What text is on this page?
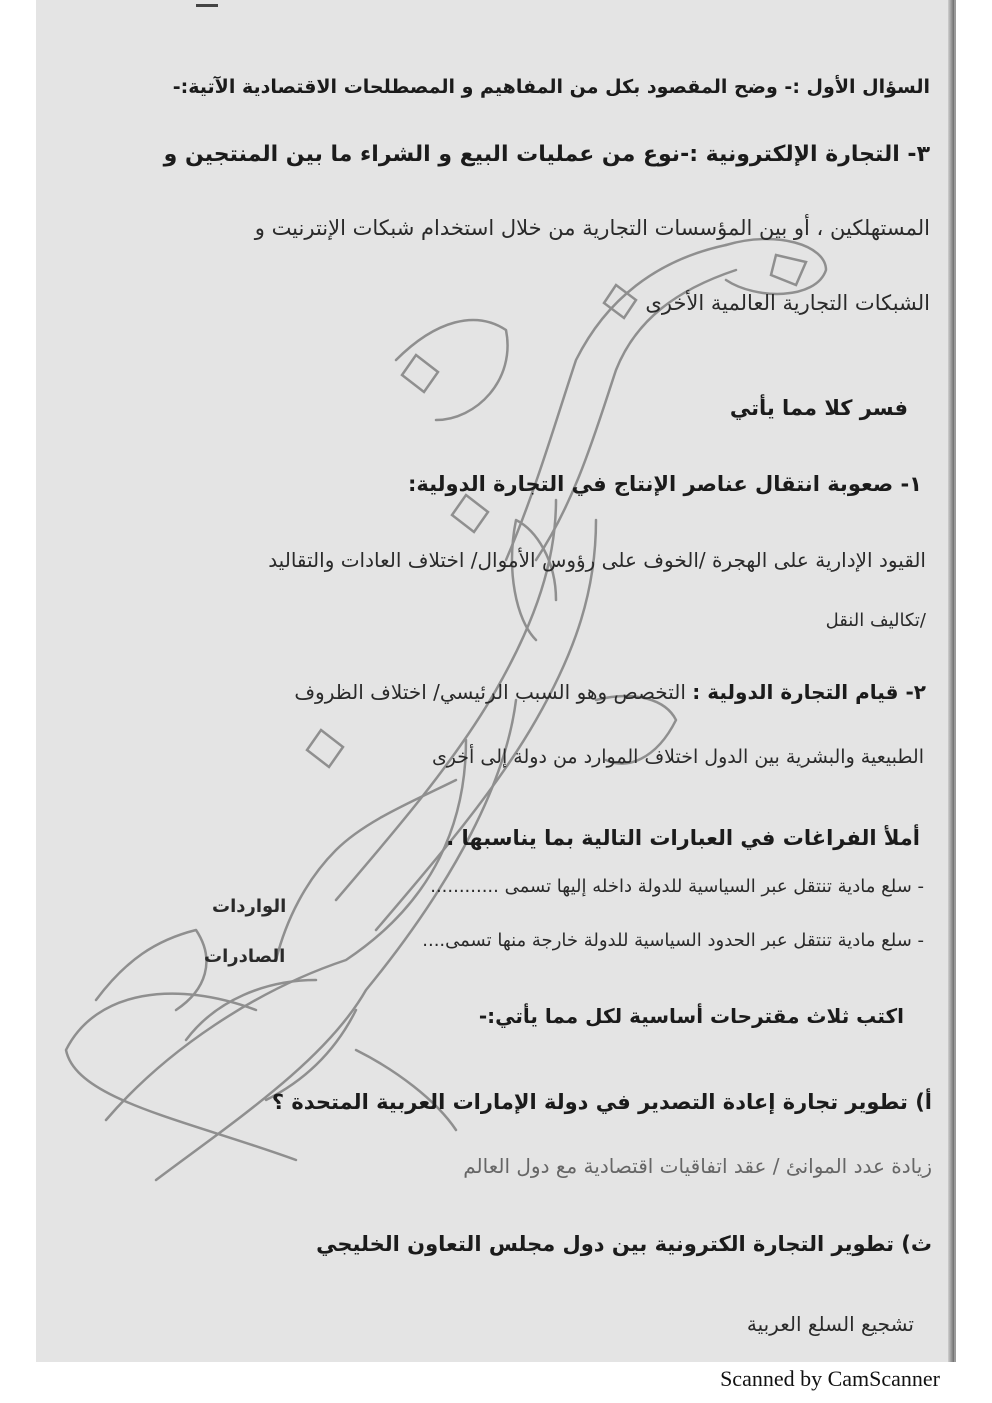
السؤال الأول :- وضح المقصود بكل من المفاهيم و المصطلحات الاقتصادية الآتية:-
٣- التجارة الإلكترونية :-نوع من عمليات البيع و الشراء ما بين المنتجين و
المستهلكين ، أو بين المؤسسات التجارية من خلال استخدام شبكات الإنترنيت و
الشبكات التجارية العالمية الأخرى
فسر كلا مما يأتي
١- صعوبة انتقال عناصر الإنتاج في التجارة الدولية:
القيود الإدارية على الهجرة /الخوف على رؤوس الأموال/ اختلاف العادات والتقاليد
/تكاليف النقل
٢- قيام التجارة الدولية : التخصص وهو السبب الرئيسي/ اختلاف الظروف
الطبيعية والبشرية بين الدول اختلاف الموارد من دولة إلى أخرى
أملأ الفراغات في العبارات التالية بما يناسبها .
- سلع مادية تنتقل عبر السياسية للدولة داخله إليها تسمى ............
الواردات
- سلع مادية تنتقل عبر الحدود السياسية للدولة خارجة منها تسمى....
الصادرات
اكتب ثلاث مقترحات أساسية لكل مما يأتي:-
أ) تطوير تجارة إعادة التصدير في دولة الإمارات العربية المتحدة ؟
زيادة عدد الموانئ / عقد اتفاقيات اقتصادية مع دول العالم
ث) تطوير التجارة الكترونية بين دول مجلس التعاون الخليجي
تشجيع السلع العربية
Scanned by CamScanner
